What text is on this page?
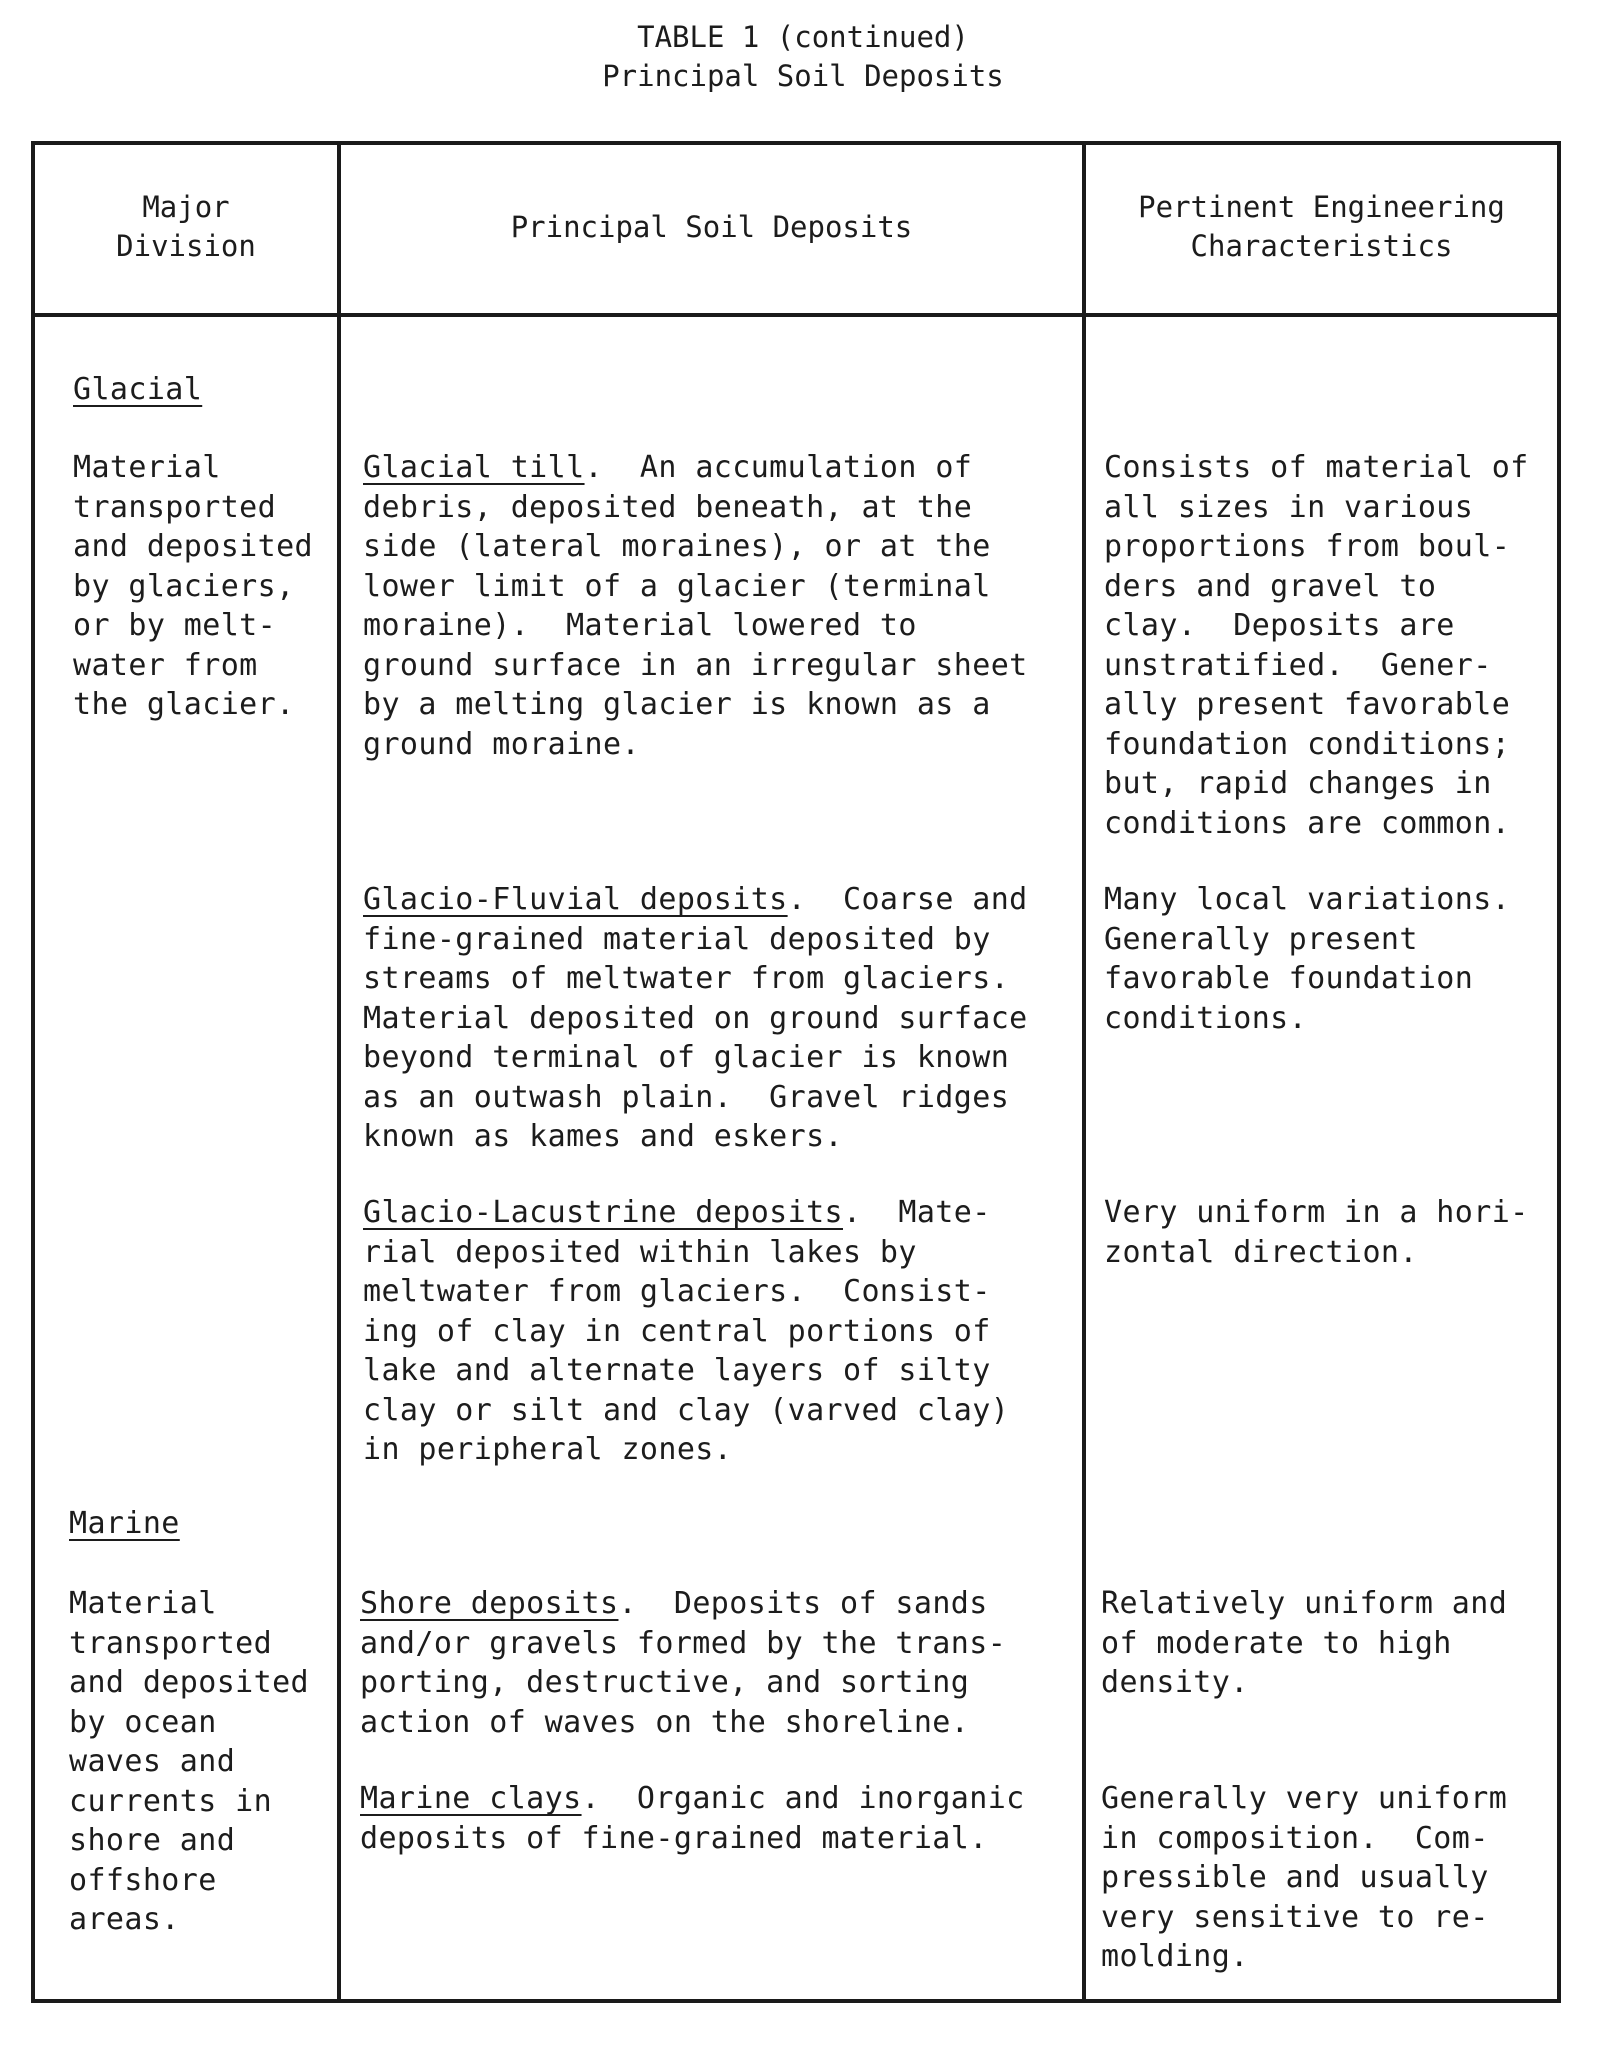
TABLE 1 (continued)
Principal Soil Deposits
Major
Division
Principal Soil Deposits
Pertinent Engineering
Characteristics
Glacial
Material
transported
and deposited
by glaciers,
or by melt-
water from
the glacier.
Glacial till.  An accumulation of
debris, deposited beneath, at the
side (lateral moraines), or at the
lower limit of a glacier (terminal
moraine).  Material lowered to
ground surface in an irregular sheet
by a melting glacier is known as a
ground moraine.
Consists of material of
all sizes in various
proportions from boul-
ders and gravel to
clay.  Deposits are
unstratified.  Gener-
ally present favorable
foundation conditions;
but, rapid changes in
conditions are common.
Glacio-Fluvial deposits.  Coarse and
fine-grained material deposited by
streams of meltwater from glaciers.
Material deposited on ground surface
beyond terminal of glacier is known
as an outwash plain.  Gravel ridges
known as kames and eskers.
Many local variations.
Generally present
favorable foundation
conditions.
Glacio-Lacustrine deposits.  Mate-
rial deposited within lakes by
meltwater from glaciers.  Consist-
ing of clay in central portions of
lake and alternate layers of silty
clay or silt and clay (varved clay)
in peripheral zones.
Very uniform in a hori-
zontal direction.
Marine
Material
transported
and deposited
by ocean
waves and
currents in
shore and
offshore
areas.
Shore deposits.  Deposits of sands
and/or gravels formed by the trans-
porting, destructive, and sorting
action of waves on the shoreline.
Relatively uniform and
of moderate to high
density.
Marine clays.  Organic and inorganic
deposits of fine-grained material.
Generally very uniform
in composition.  Com-
pressible and usually
very sensitive to re-
molding.
